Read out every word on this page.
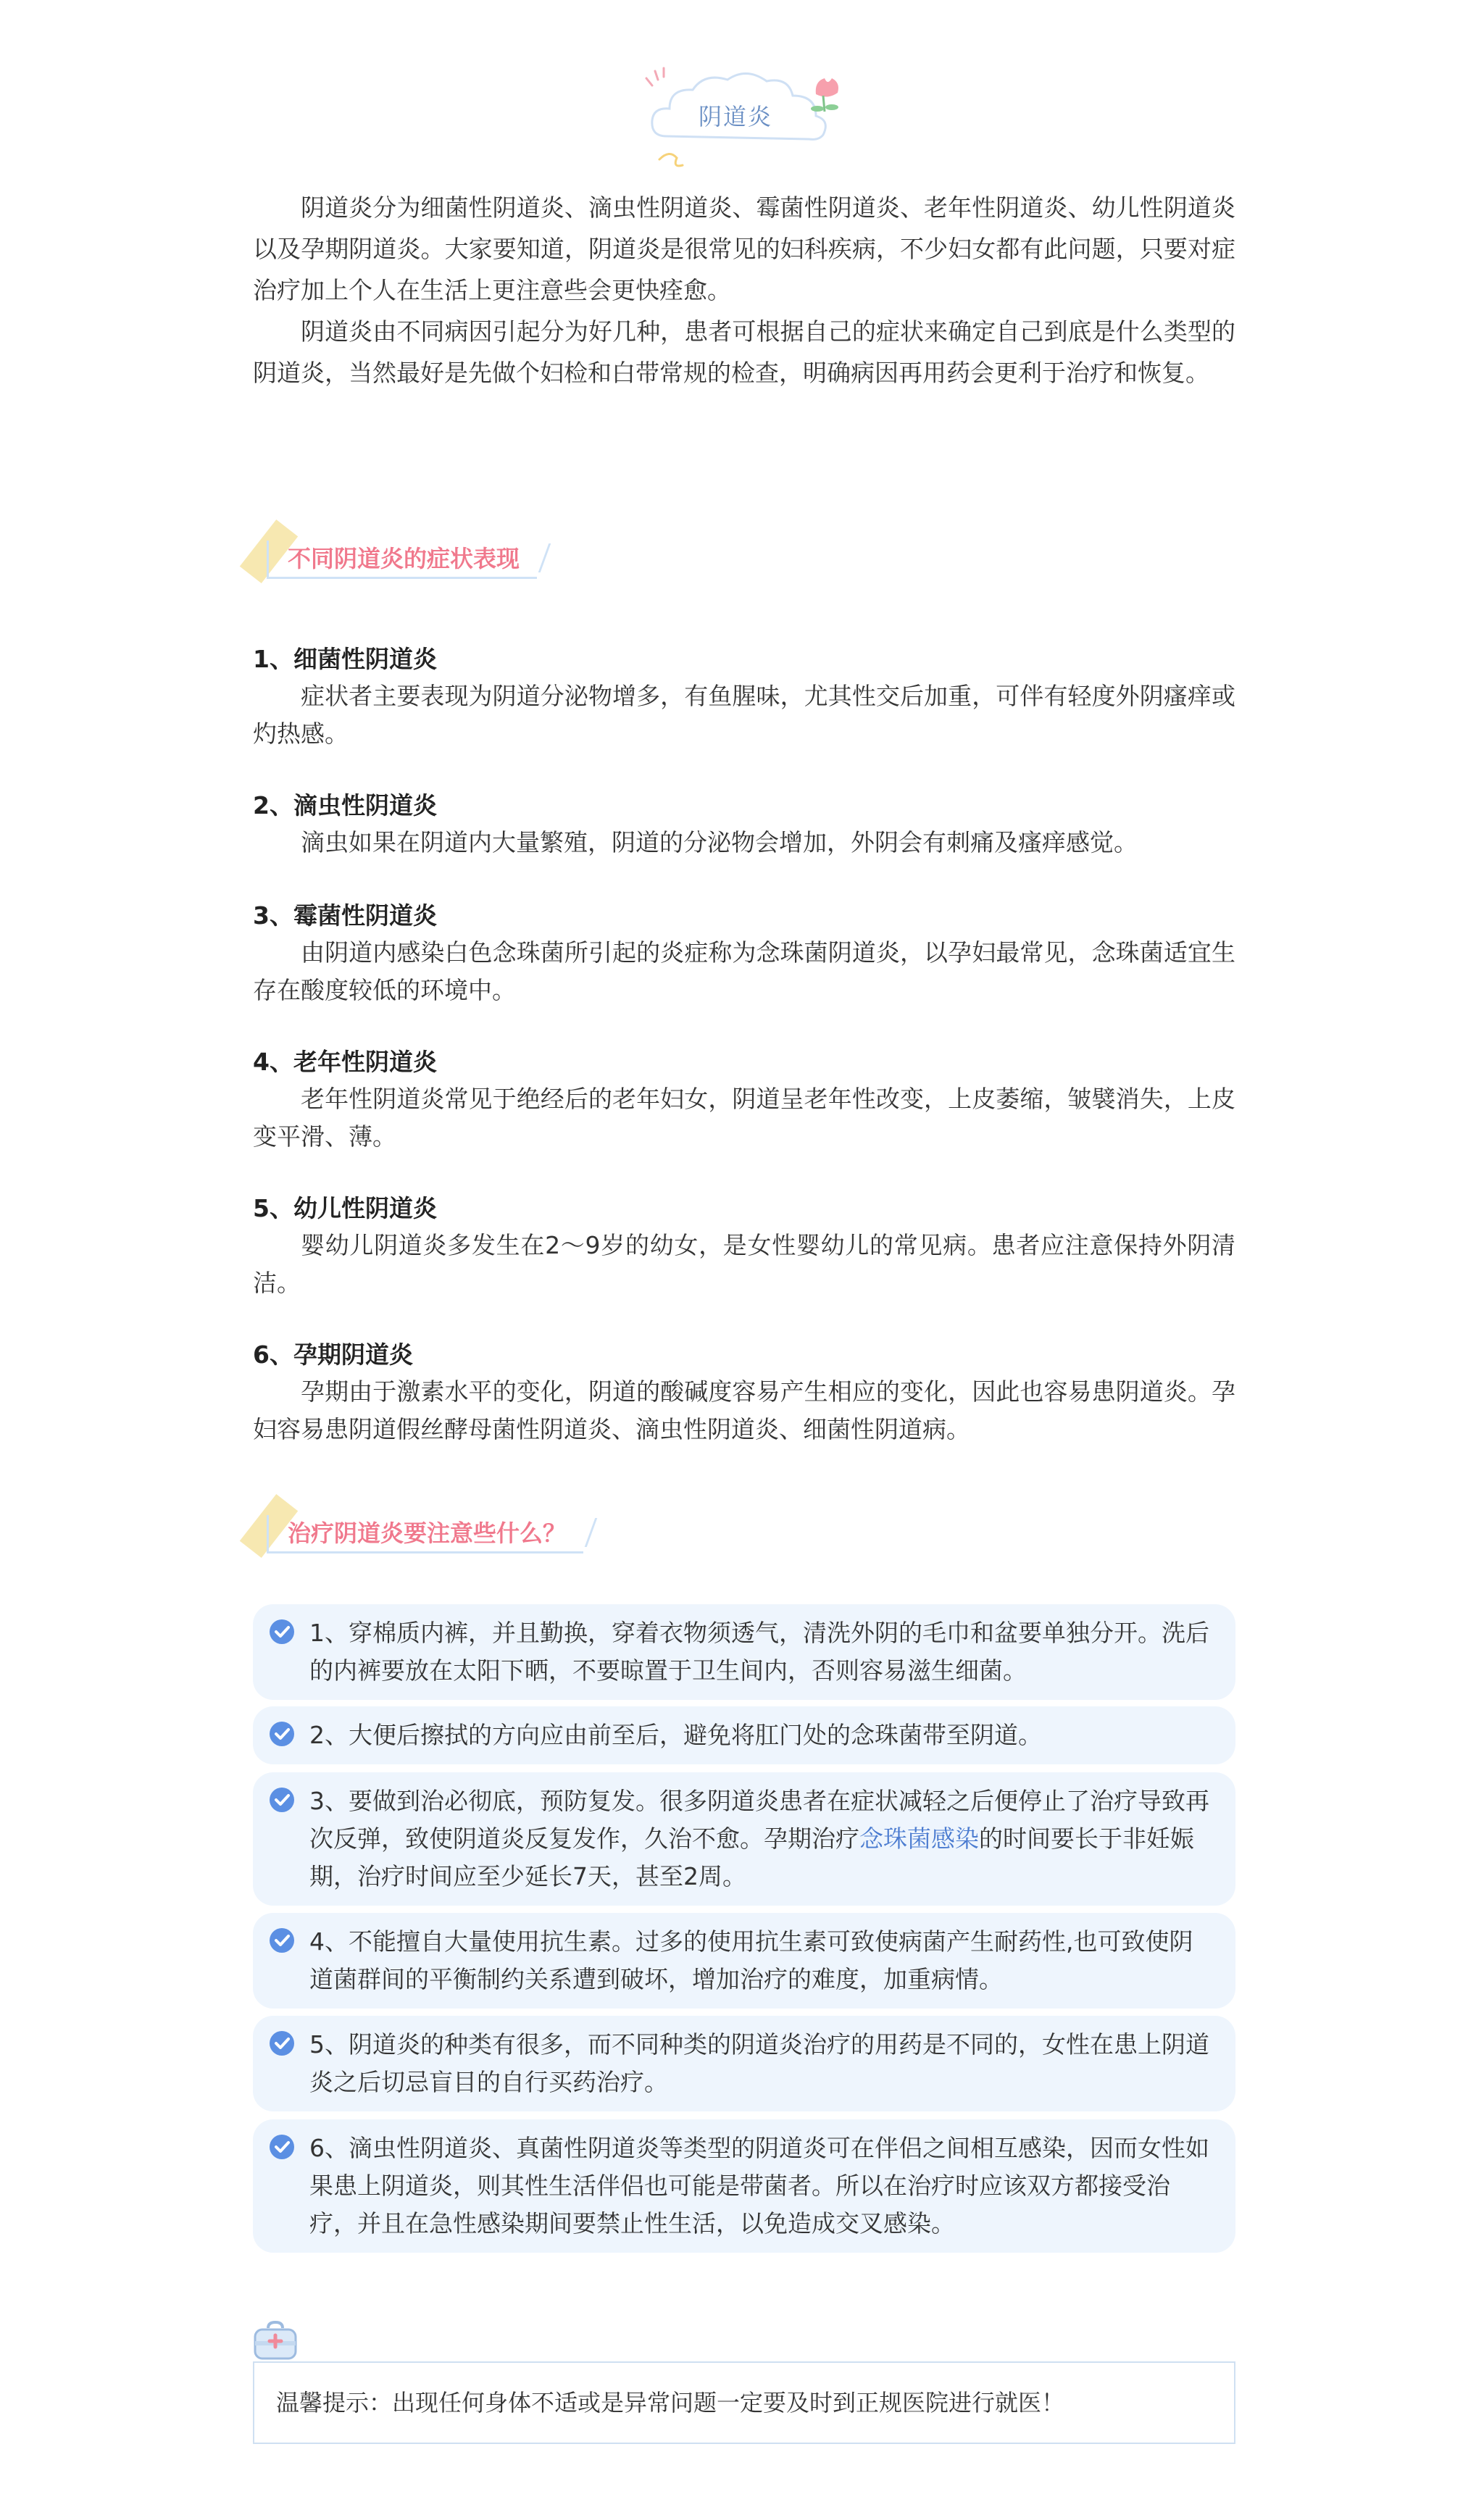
阴道炎

阴道炎分为细菌性阴道炎、滴虫性阴道炎、霉菌性阴道炎、老年性阴道炎、幼儿性阴道炎以及孕期阴道炎。大家要知道，阴道炎是很常见的妇科疾病，不少妇女都有此问题，只要对症治疗加上个人在生活上更注意些会更快痊愈。

阴道炎由不同病因引起分为好几种，患者可根据自己的症状来确定自己到底是什么类型的阴道炎，当然最好是先做个妇检和白带常规的检查，明确病因再用药会更利于治疗和恢复。

不同阴道炎的症状表现
1、细菌性阴道炎

症状者主要表现为阴道分泌物增多，有鱼腥味，尤其性交后加重，可伴有轻度外阴瘙痒或灼热感。

2、滴虫性阴道炎

滴虫如果在阴道内大量繁殖，阴道的分泌物会增加，外阴会有刺痛及瘙痒感觉。

3、霉菌性阴道炎

由阴道内感染白色念珠菌所引起的炎症称为念珠菌阴道炎，以孕妇最常见，念珠菌适宜生存在酸度较低的环境中。

4、老年性阴道炎

老年性阴道炎常见于绝经后的老年妇女，阴道呈老年性改变，上皮萎缩，皱襞消失，上皮变平滑、薄。

5、幼儿性阴道炎

婴幼儿阴道炎多发生在2～9岁的幼女，是女性婴幼儿的常见病。患者应注意保持外阴清洁。

6、孕期阴道炎

孕期由于激素水平的变化，阴道的酸碱度容易产生相应的变化，因此也容易患阴道炎。孕妇容易患阴道假丝酵母菌性阴道炎、滴虫性阴道炎、细菌性阴道病。

治疗阴道炎要注意些什么？

1、穿棉质内裤，并且勤换，穿着衣物须透气，清洗外阴的毛巾和盆要单独分开。洗后的内裤要放在太阳下晒，不要晾置于卫生间内，否则容易滋生细菌。

2、大便后擦拭的方向应由前至后，避免将肛门处的念珠菌带至阴道。

3、要做到治必彻底，预防复发。很多阴道炎患者在症状减轻之后便停止了治疗导致再次反弹，致使阴道炎反复发作，久治不愈。孕期治疗念珠菌感染的时间要长于非妊娠期，治疗时间应至少延长7天，甚至2周。

4、不能擅自大量使用抗生素。过多的使用抗生素可致使病菌产生耐药性,也可致使阴道菌群间的平衡制约关系遭到破坏，增加治疗的难度，加重病情。

5、阴道炎的种类有很多，而不同种类的阴道炎治疗的用药是不同的，女性在患上阴道炎之后切忌盲目的自行买药治疗。

6、滴虫性阴道炎、真菌性阴道炎等类型的阴道炎可在伴侣之间相互感染，因而女性如果患上阴道炎，则其性生活伴侣也可能是带菌者。所以在治疗时应该双方都接受治疗，并且在急性感染期间要禁止性生活，以免造成交叉感染。

温馨提示：出现任何身体不适或是异常问题一定要及时到正规医院进行就医！
